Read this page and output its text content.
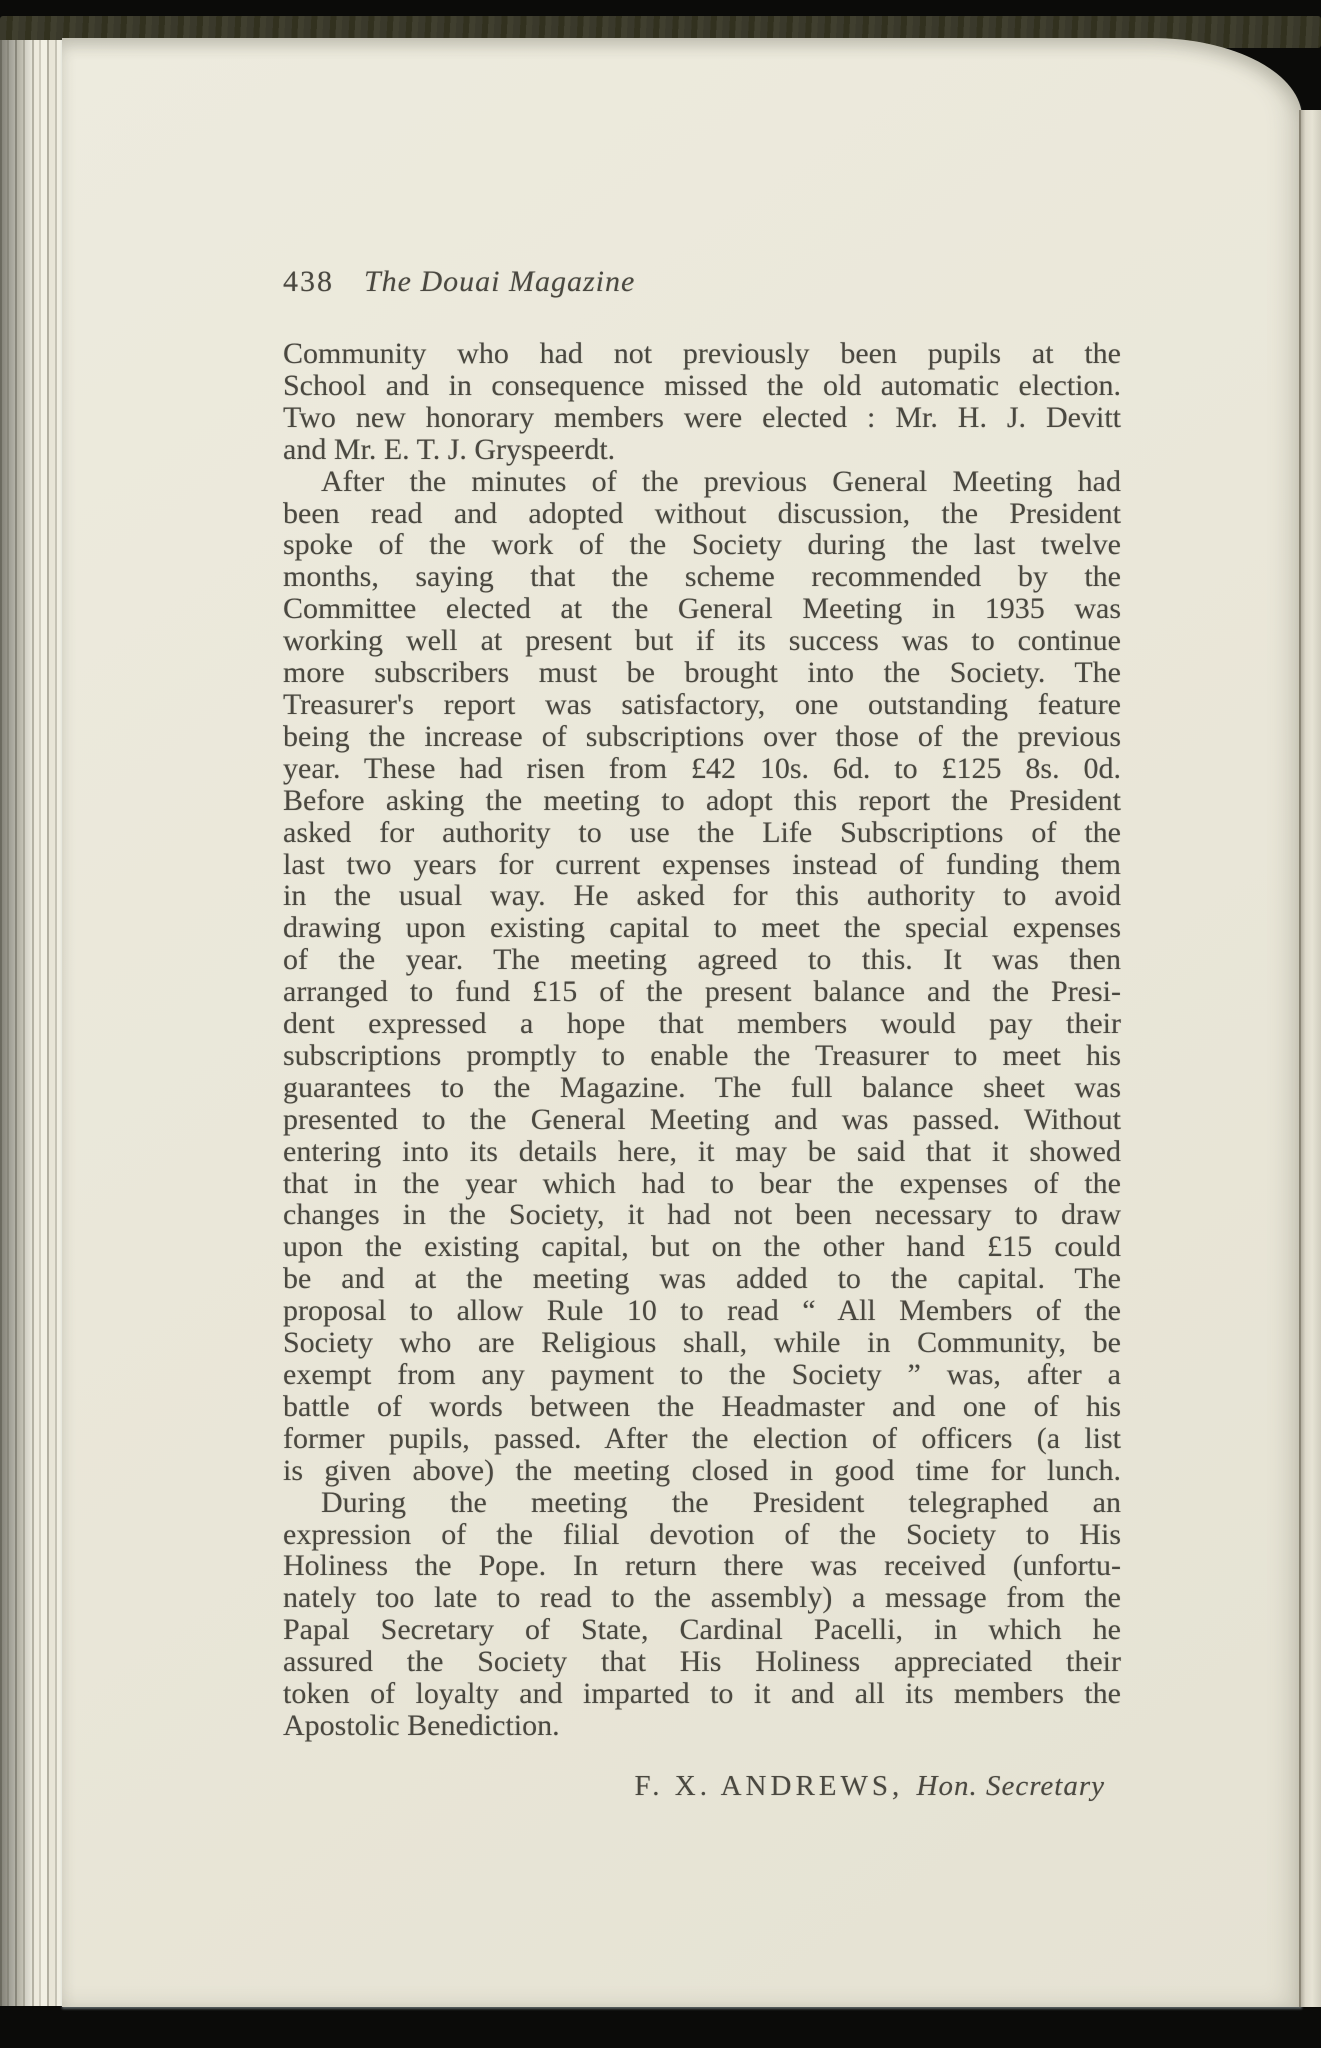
438 The Douai Magazine
Community who had not previously been pupils at the
School and in consequence missed the old automatic election.
Two new honorary members were elected : Mr. H. J. Devitt
and Mr. E. T. J. Gryspeerdt.
After the minutes of the previous General Meeting had
been read and adopted without discussion, the President
spoke of the work of the Society during the last twelve
months, saying that the scheme recommended by the
Committee elected at the General Meeting in 1935 was
working well at present but if its success was to continue
more subscribers must be brought into the Society. The
Treasurer's report was satisfactory, one outstanding feature
being the increase of subscriptions over those of the previous
year. These had risen from £42 10s. 6d. to £125 8s. 0d.
Before asking the meeting to adopt this report the President
asked for authority to use the Life Subscriptions of the
last two years for current expenses instead of funding them
in the usual way. He asked for this authority to avoid
drawing upon existing capital to meet the special expenses
of the year. The meeting agreed to this. It was then
arranged to fund £15 of the present balance and the Presi-
dent expressed a hope that members would pay their
subscriptions promptly to enable the Treasurer to meet his
guarantees to the Magazine. The full balance sheet was
presented to the General Meeting and was passed. Without
entering into its details here, it may be said that it showed
that in the year which had to bear the expenses of the
changes in the Society, it had not been necessary to draw
upon the existing capital, but on the other hand £15 could
be and at the meeting was added to the capital. The
proposal to allow Rule 10 to read “ All Members of the
Society who are Religious shall, while in Community, be
exempt from any payment to the Society ” was, after a
battle of words between the Headmaster and one of his
former pupils, passed. After the election of officers (a list
is given above) the meeting closed in good time for lunch.
During the meeting the President telegraphed an
expression of the filial devotion of the Society to His
Holiness the Pope. In return there was received (unfortu-
nately too late to read to the assembly) a message from the
Papal Secretary of State, Cardinal Pacelli, in which he
assured the Society that His Holiness appreciated their
token of loyalty and imparted to it and all its members the
Apostolic Benediction.
F. X. ANDREWS, Hon. Secretary
